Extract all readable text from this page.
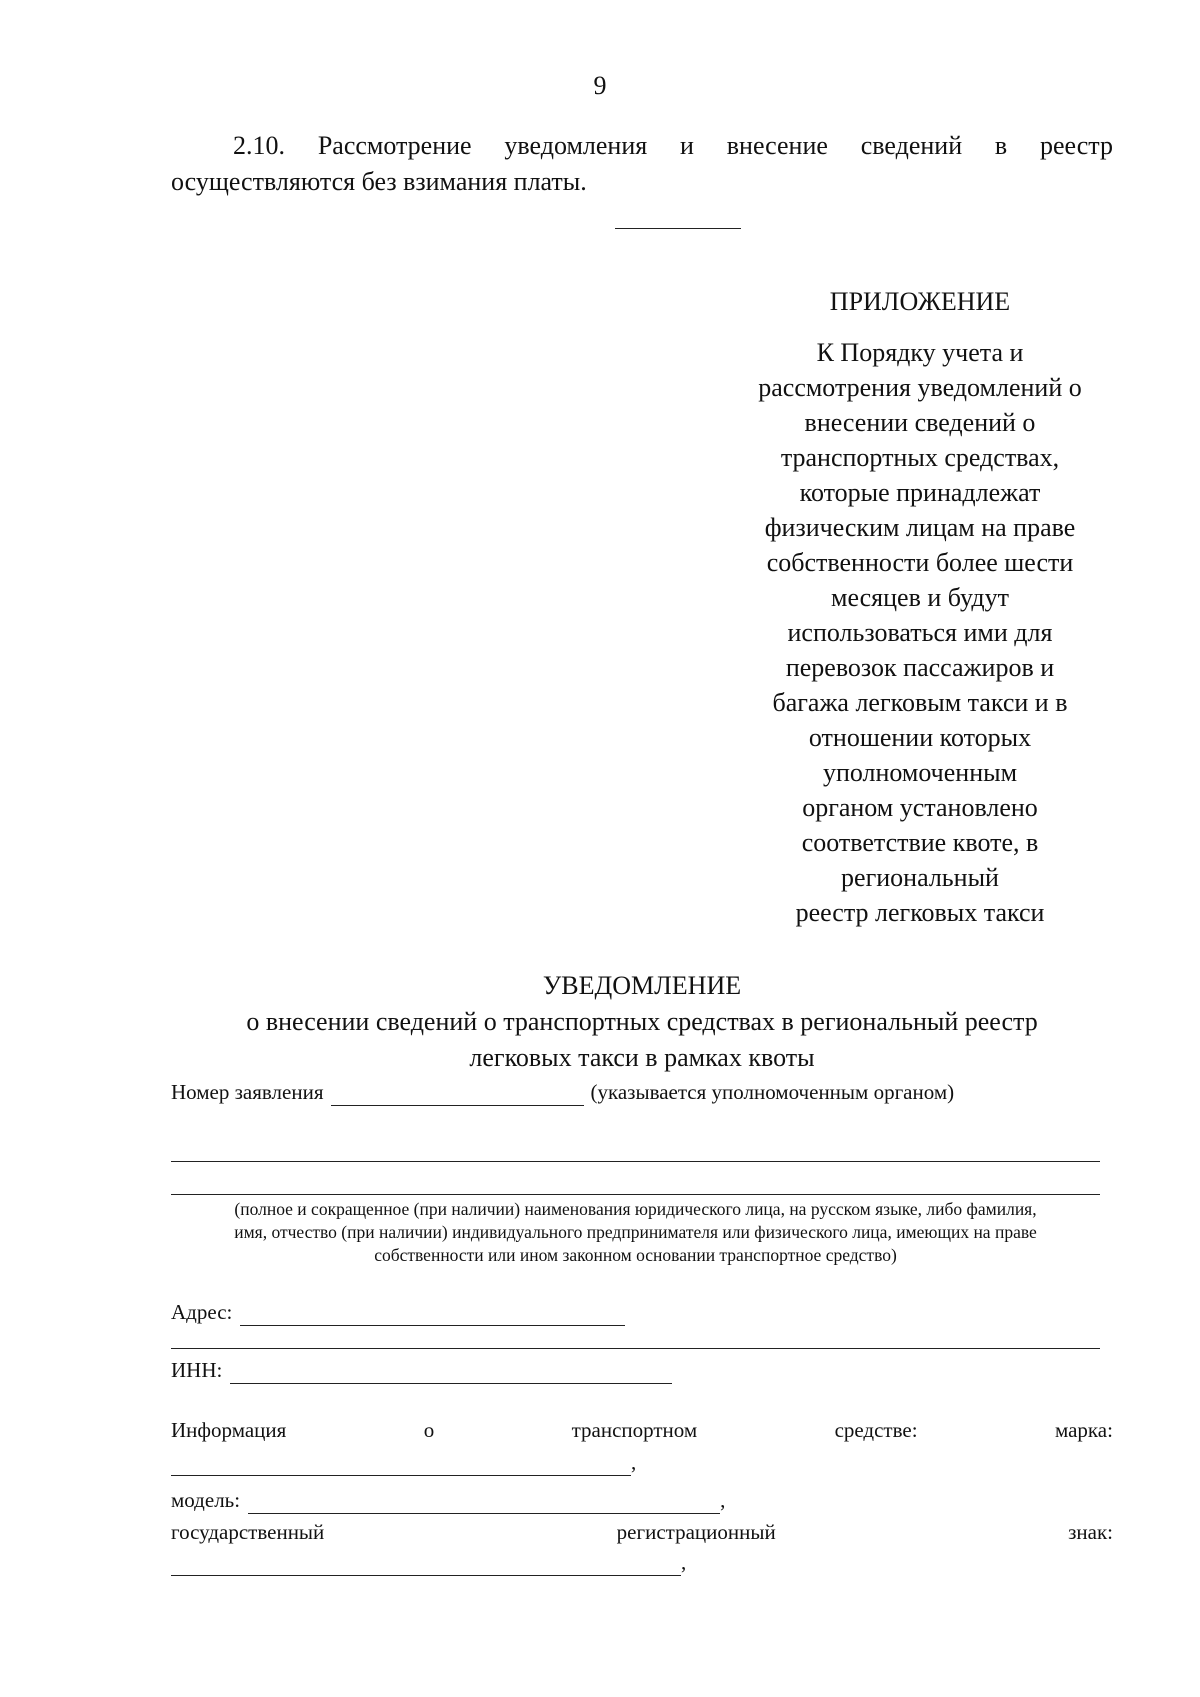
9
2.10. Рассмотрение уведомления и внесение сведений в реестр
осуществляются без взимания платы.
ПРИЛОЖЕНИЕ
К Порядку учета и
рассмотрения уведомлений о
внесении сведений о
транспортных средствах,
которые принадлежат
физическим лицам на праве
собственности более шести
месяцев и будут
использоваться ими для
перевозок пассажиров и
багажа легковым такси и в
отношении которых
уполномоченным
органом установлено
соответствие квоте, в
региональный
реестр легковых такси
УВЕДОМЛЕНИЕ
о внесении сведений о транспортных средствах в региональный реестр
легковых такси в рамках квоты
Номер заявления	(указывается уполномоченным органом)
(полное и сокращенное (при наличии) наименования юридического лица, на русском языке, либо фамилия,
имя, отчество (при наличии) индивидуального предпринимателя или физического лица, имеющих на праве
собственности или ином законном основании транспортное средство)
Адрес:
ИНН:
Информация	о	транспортном	средстве:	марка:
,
модель:	,
государственный	регистрационный	знак:
,
